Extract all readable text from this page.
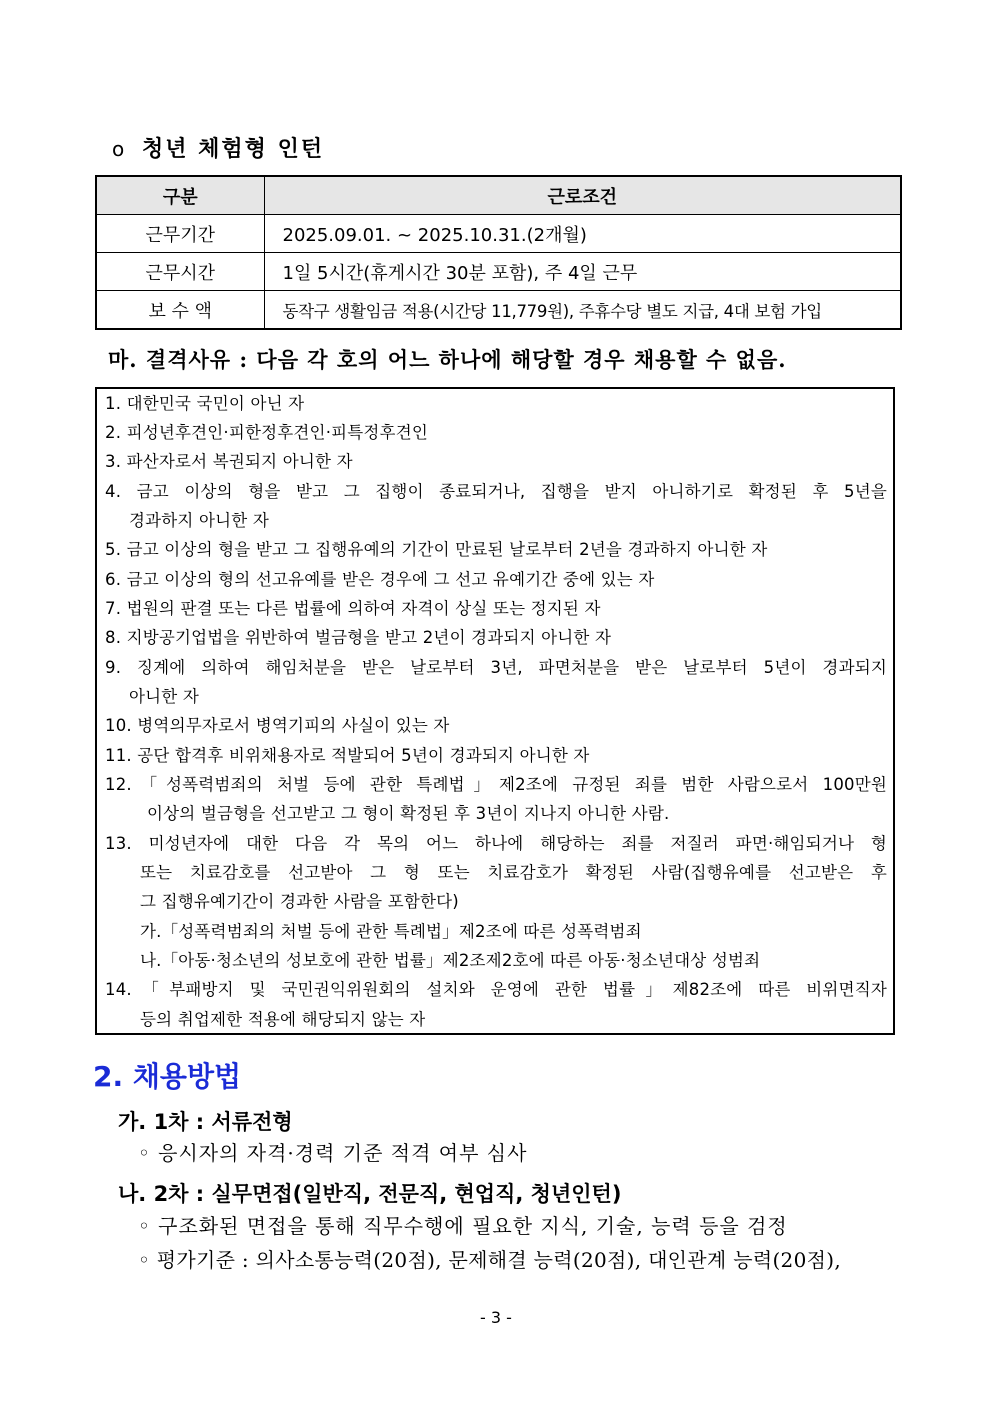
o 청년 체험형 인턴
구분	근로조건
근무기간	2025.09.01. ~ 2025.10.31.(2개월)
근무시간	1일 5시간(휴게시간 30분 포함), 주 4일 근무
보 수 액	동작구 생활임금 적용(시간당 11,779원), 주휴수당 별도 지급, 4대 보험 가입
마. 결격사유 : 다음 각 호의 어느 하나에 해당할 경우 채용할 수 없음.
1. 대한민국 국민이 아닌 자
2. 피성년후견인·피한정후견인·피특정후견인
3. 파산자로서 복권되지 아니한 자
4. 금고 이상의 형을 받고 그 집행이 종료되거나, 집행을 받지 아니하기로 확정된 후 5년을
경과하지 아니한 자
5. 금고 이상의 형을 받고 그 집행유예의 기간이 만료된 날로부터 2년을 경과하지 아니한 자
6. 금고 이상의 형의 선고유예를 받은 경우에 그 선고 유예기간 중에 있는 자
7. 법원의 판결 또는 다른 법률에 의하여 자격이 상실 또는 정지된 자
8. 지방공기업법을 위반하여 벌금형을 받고 2년이 경과되지 아니한 자
9. 징계에 의하여 해임처분을 받은 날로부터 3년, 파면처분을 받은 날로부터 5년이 경과되지
아니한 자
10. 병역의무자로서 병역기피의 사실이 있는 자
11. 공단 합격후 비위채용자로 적발되어 5년이 경과되지 아니한 자
12.「성폭력범죄의 처벌 등에 관한 특례법」제2조에 규정된 죄를 범한 사람으로서 100만원
이상의 벌금형을 선고받고 그 형이 확정된 후 3년이 지나지 아니한 사람.
13. 미성년자에 대한 다음 각 목의 어느 하나에 해당하는 죄를 저질러 파면·해임되거나 형
또는 치료감호를 선고받아 그 형 또는 치료감호가 확정된 사람(집행유예를 선고받은 후
그 집행유예기간이 경과한 사람을 포함한다)
가.「성폭력범죄의 처벌 등에 관한 특례법」제2조에 따른 성폭력범죄
나.「아동·청소년의 성보호에 관한 법률」제2조제2호에 따른 아동·청소년대상 성범죄
14.「부패방지 및 국민권익위원회의 설치와 운영에 관한 법률」제82조에 따른 비위면직자
등의 취업제한 적용에 해당되지 않는 자
2. 채용방법
가. 1차 : 서류전형
◦ 응시자의 자격·경력 기준 적격 여부 심사
나. 2차 : 실무면접(일반직, 전문직, 현업직, 청년인턴)
◦ 구조화된 면접을 통해 직무수행에 필요한 지식, 기술, 능력 등을 검정
◦ 평가기준 : 의사소통능력(20점), 문제해결 능력(20점), 대인관계 능력(20점),
- 3 -
